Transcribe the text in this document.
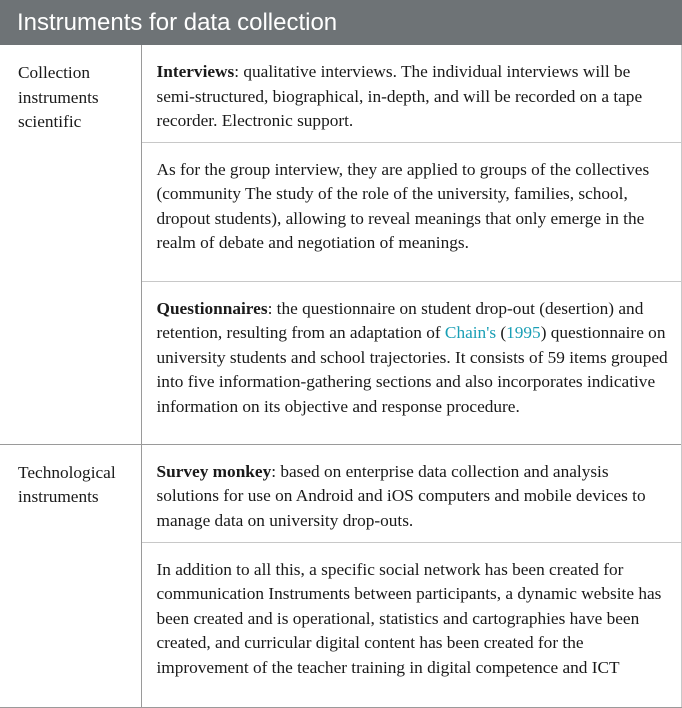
Instruments for data collection
Collection instruments scientific	Interviews: qualitative interviews. The individual interviews will be semi-structured, biographical, in-depth, and will be recorded on a tape recorder. Electronic support.
	As for the group interview, they are applied to groups of the collectives (community The study of the role of the university, families, school, dropout students), allowing to reveal meanings that only emerge in the realm of debate and negotiation of meanings.
	Questionnaires: the questionnaire on student drop-out (desertion) and retention, resulting from an adaptation of Chain's (1995) questionnaire on university students and school trajectories. It consists of 59 items grouped into five information-gathering sections and also incorporates indicative information on its objective and response procedure.
Technological instruments	Survey monkey: based on enterprise data collection and analysis solutions for use on Android and iOS computers and mobile devices to manage data on university drop-outs.
	In addition to all this, a specific social network has been created for communication Instruments between participants, a dynamic website has been created and is operational, statistics and cartographies have been created, and curricular digital content has been created for the improvement of the teacher training in digital competence and ICT
